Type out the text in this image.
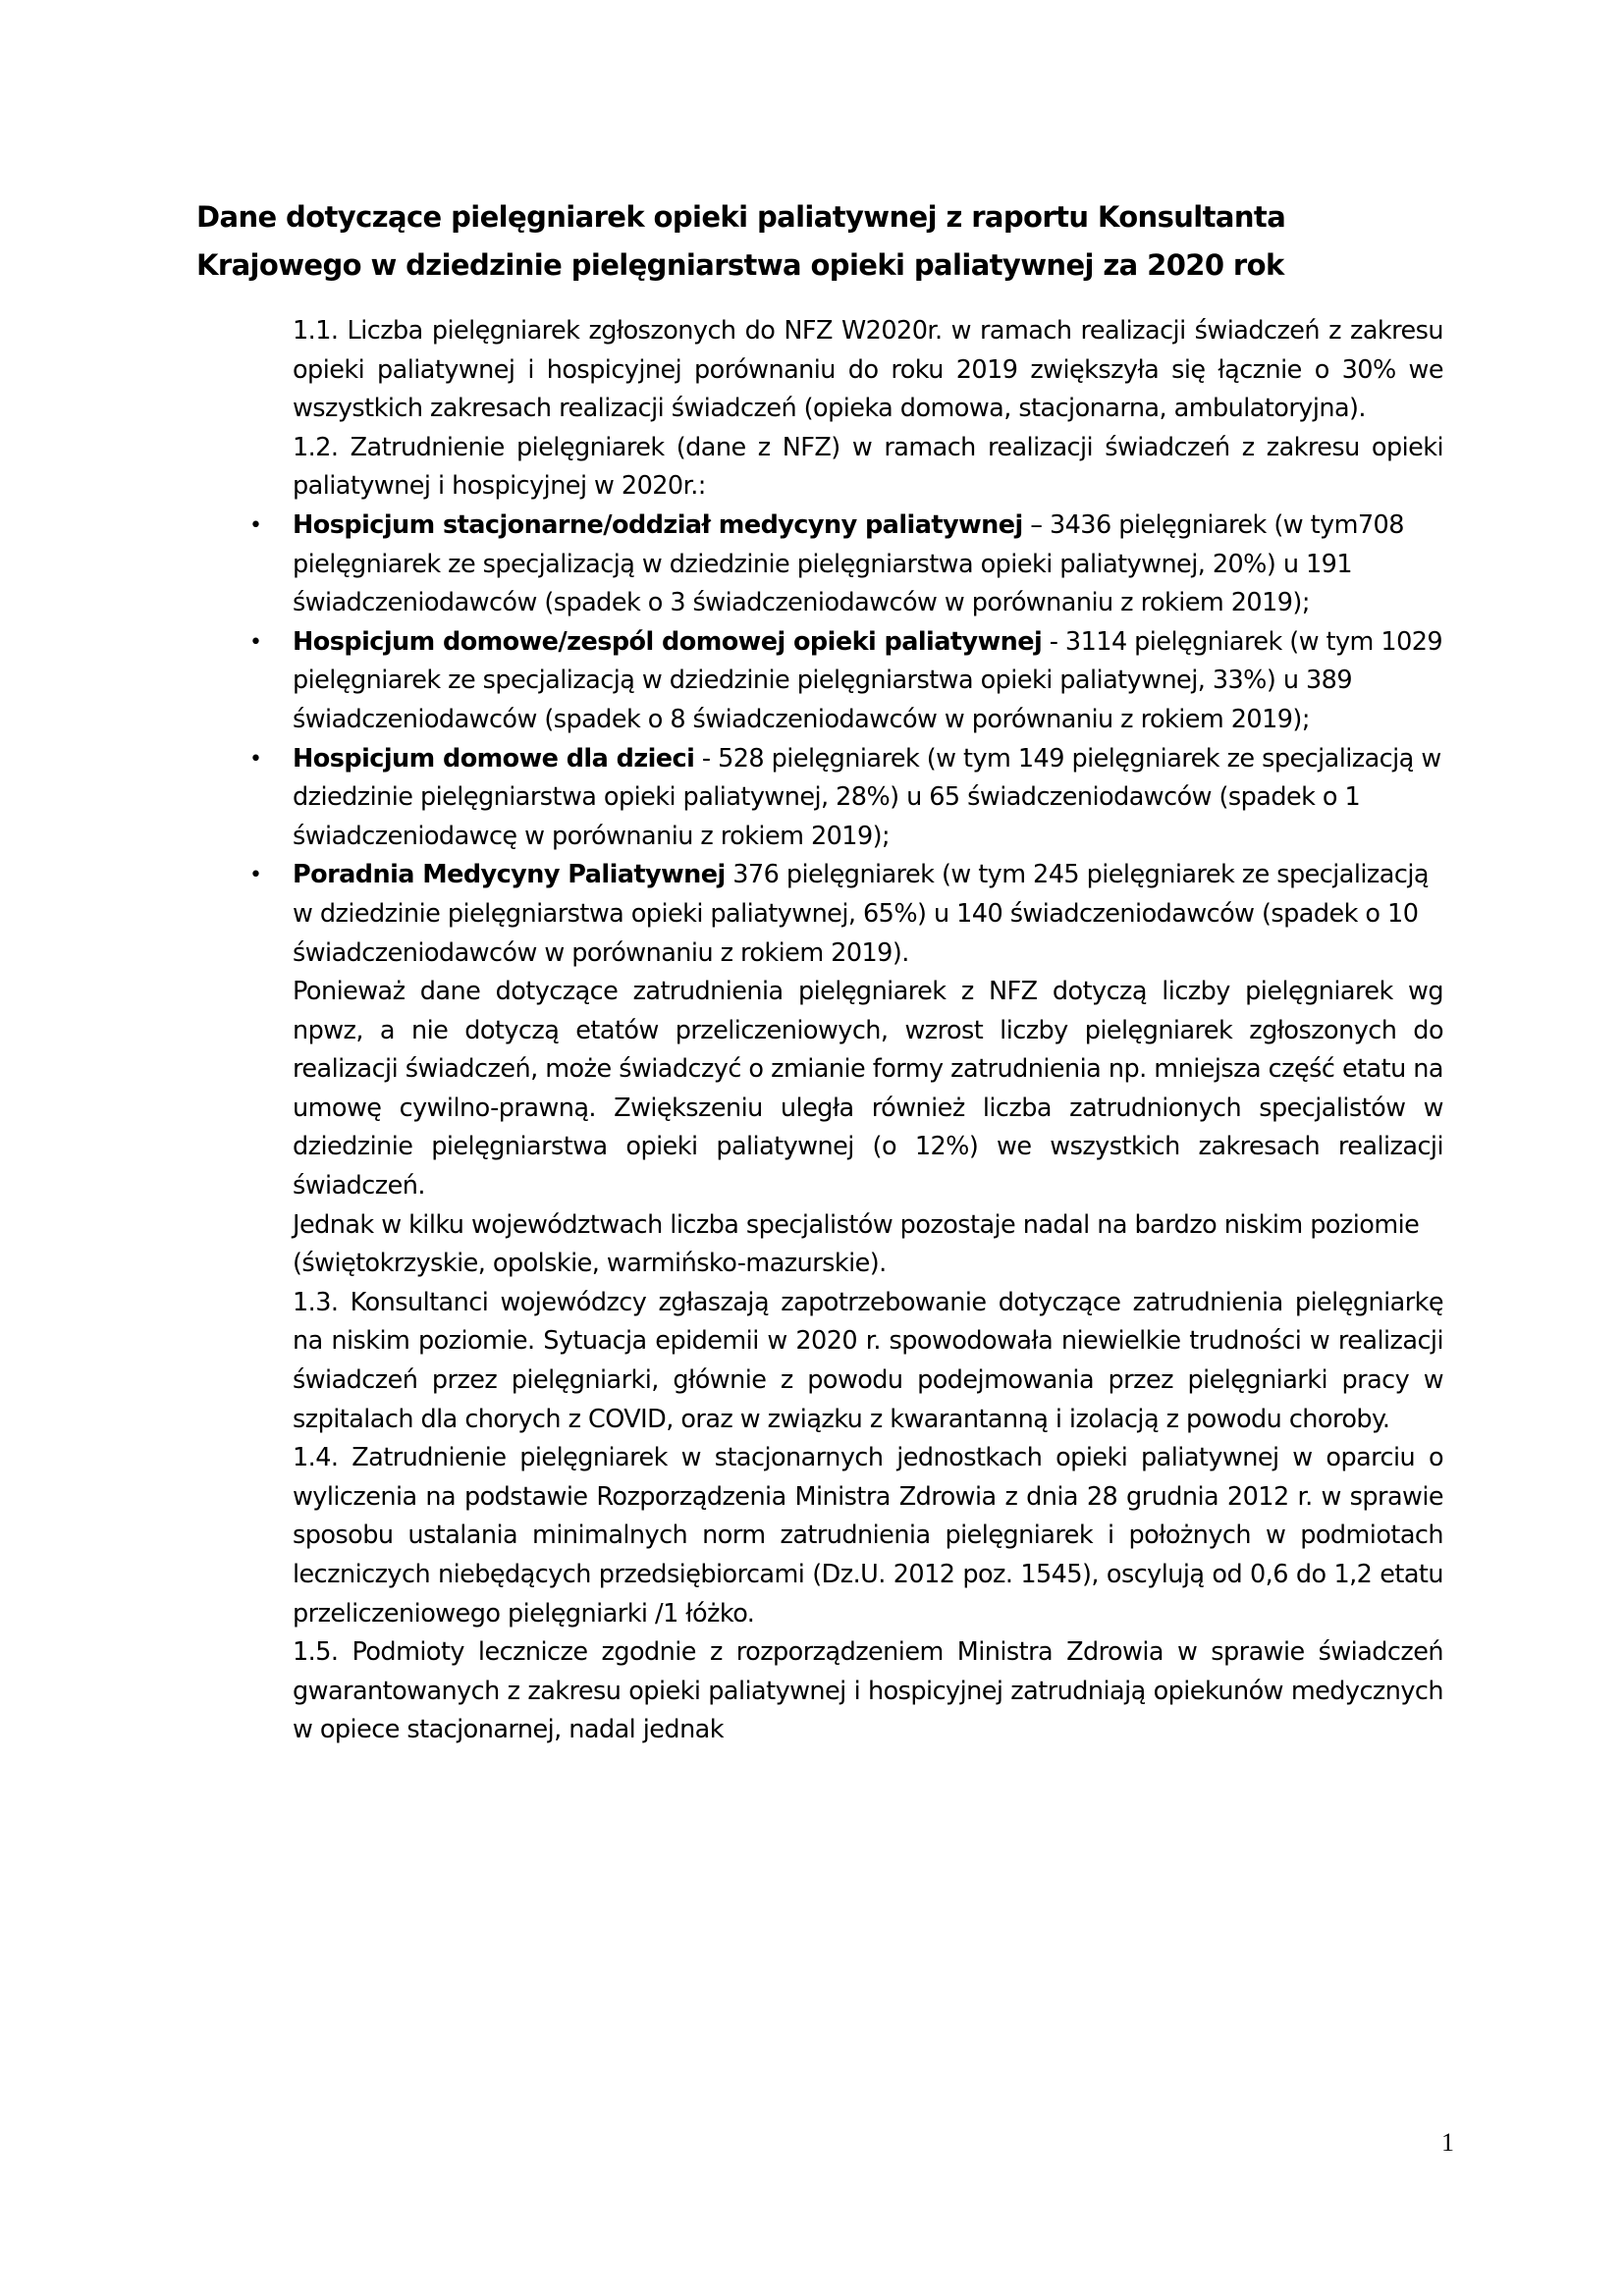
Dane dotyczące pielęgniarek opieki paliatywnej z raportu Konsultanta
Krajowego w dziedzinie pielęgniarstwa opieki paliatywnej za 2020 rok

1.1. Liczba pielęgniarek zgłoszonych do NFZ W2020r. w ramach realizacji świadczeń z zakresu opieki paliatywnej i hospicyjnej porównaniu do roku 2019 zwiększyła się łącznie o 30% we wszystkich zakresach realizacji świadczeń (opieka domowa, stacjonarna, ambulatoryjna).

1.2. Zatrudnienie pielęgniarek (dane z NFZ) w ramach realizacji świadczeń z zakresu opieki paliatywnej i hospicyjnej w 2020r.:

• Hospicjum stacjonarne/oddział medycyny paliatywnej – 3436 pielęgniarek (w tym708 pielęgniarek ze specjalizacją w dziedzinie pielęgniarstwa opieki paliatywnej, 20%) u 191 świadczeniodawców (spadek o 3 świadczeniodawców w porównaniu z rokiem 2019);
• Hospicjum domowe/zespól domowej opieki paliatywnej - 3114 pielęgniarek (w tym 1029 pielęgniarek ze specjalizacją w dziedzinie pielęgniarstwa opieki paliatywnej, 33%) u 389 świadczeniodawców (spadek o 8 świadczeniodawców w porównaniu z rokiem 2019);
• Hospicjum domowe dla dzieci - 528 pielęgniarek (w tym 149 pielęgniarek ze specjalizacją w dziedzinie pielęgniarstwa opieki paliatywnej, 28%) u 65 świadczeniodawców (spadek o 1 świadczeniodawcę w porównaniu z rokiem 2019);
• Poradnia Medycyny Paliatywnej 376 pielęgniarek (w tym 245 pielęgniarek ze specjalizacją w dziedzinie pielęgniarstwa opieki paliatywnej, 65%) u 140 świadczeniodawców (spadek o 10 świadczeniodawców w porównaniu z rokiem 2019).

Ponieważ dane dotyczące zatrudnienia pielęgniarek z NFZ dotyczą liczby pielęgniarek wg npwz, a nie dotyczą etatów przeliczeniowych, wzrost liczby pielęgniarek zgłoszonych do realizacji świadczeń, może świadczyć o zmianie formy zatrudnienia np. mniejsza część etatu na umowę cywilno-prawną. Zwiększeniu uległa również liczba zatrudnionych specjalistów w dziedzinie pielęgniarstwa opieki paliatywnej (o 12%) we wszystkich zakresach realizacji świadczeń.

Jednak w kilku województwach liczba specjalistów pozostaje nadal na bardzo niskim poziomie (świętokrzyskie, opolskie, warmińsko-mazurskie).

1.3. Konsultanci wojewódzcy zgłaszają zapotrzebowanie dotyczące zatrudnienia pielęgniarkę na niskim poziomie. Sytuacja epidemii w 2020 r. spowodowała niewielkie trudności w realizacji świadczeń przez pielęgniarki, głównie z powodu podejmowania przez pielęgniarki pracy w szpitalach dla chorych z COVID, oraz w związku z kwarantanną i izolacją z powodu choroby.

1.4. Zatrudnienie pielęgniarek w stacjonarnych jednostkach opieki paliatywnej w oparciu o wyliczenia na podstawie Rozporządzenia Ministra Zdrowia z dnia 28 grudnia 2012 r. w sprawie sposobu ustalania minimalnych norm zatrudnienia pielęgniarek i położnych w podmiotach leczniczych niebędących przedsiębiorcami (Dz.U. 2012 poz. 1545), oscylują od 0,6 do 1,2 etatu przeliczeniowego pielęgniarki /1 łóżko.

1.5. Podmioty lecznicze zgodnie z rozporządzeniem Ministra Zdrowia w sprawie świadczeń gwarantowanych z zakresu opieki paliatywnej i hospicyjnej zatrudniają opiekunów medycznych w opiece stacjonarnej, nadal jednak

1
